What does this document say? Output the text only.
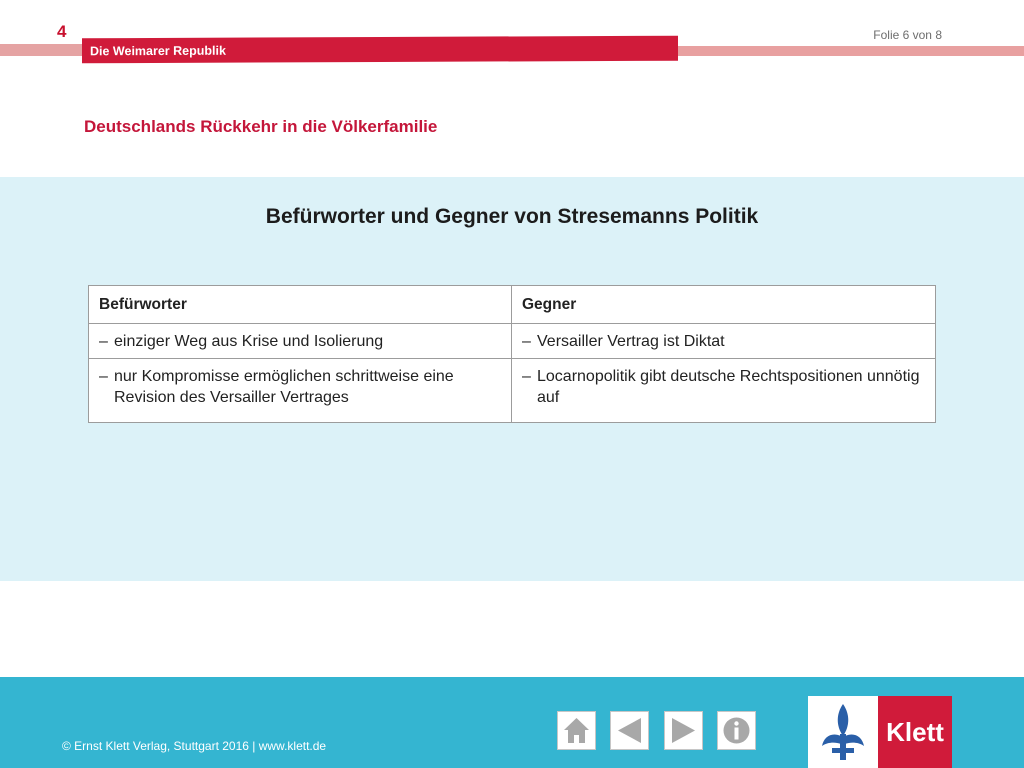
4	Folie 6 von 8
Die Weimarer Republik
Deutschlands Rückkehr in die Völkerfamilie
Befürworter und Gegner von Stresemanns Politik
Befürworter	Gegner

– einziger Weg aus Krise und Isolierung	– Versailler Vertrag ist Diktat

– nur Kompromisse ermöglichen schrittweise eine Revision des Versailler Vertrages	– Locarnopolitik gibt deutsche Rechtspositionen unnötig auf
© Ernst Klett Verlag, Stuttgart 2016 | www.klett.de	Klett
